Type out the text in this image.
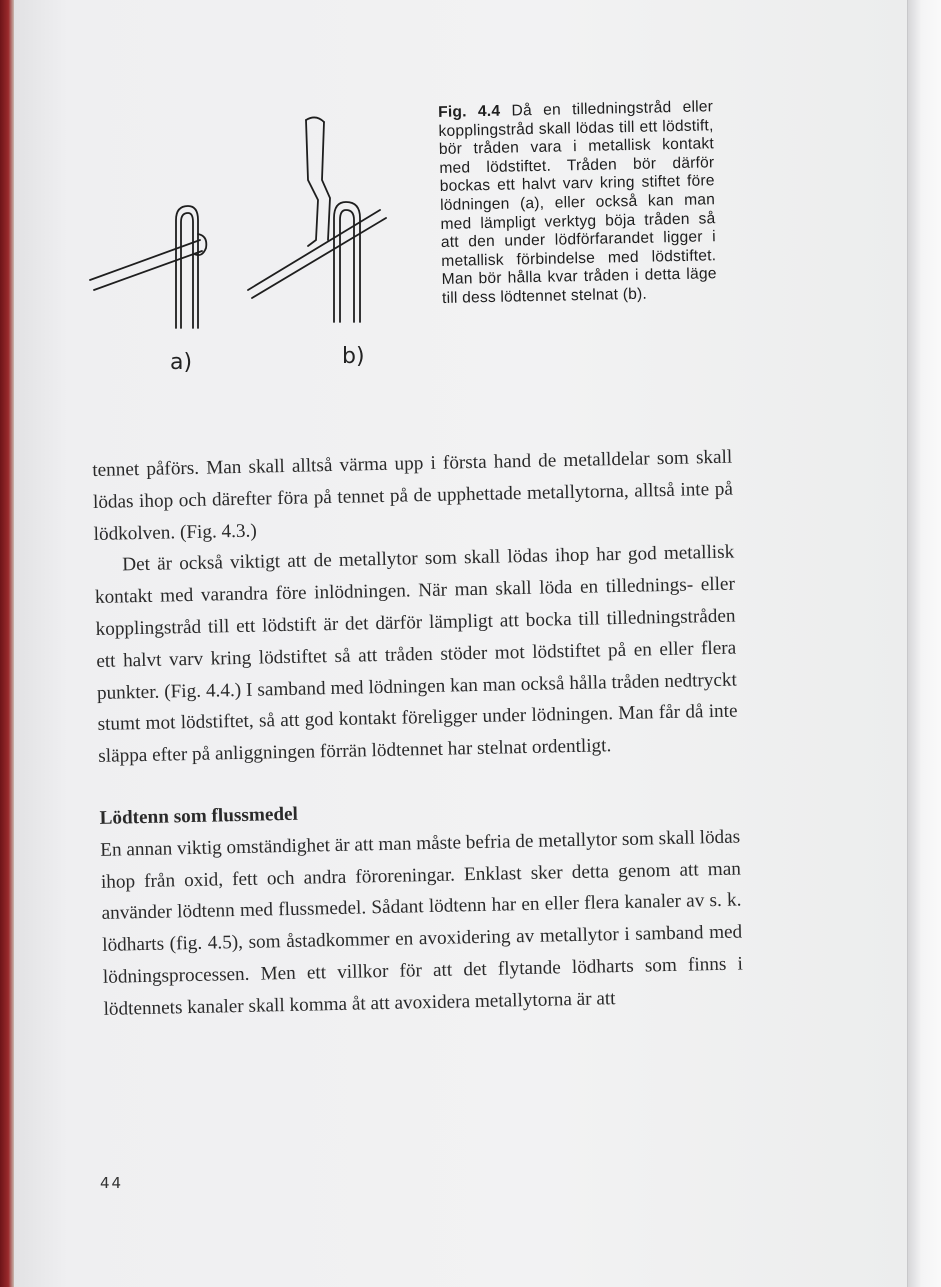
a)	b)
Fig. 4.4 Då en tilledningstråd eller kopplingstråd skall lödas till ett lödstift, bör tråden vara i metallisk kontakt med lödstiftet. Tråden bör därför bockas ett halvt varv kring stiftet före lödningen (a), eller också kan man med lämpligt verktyg böja tråden så att den under lödförfarandet ligger i metallisk förbindelse med lödstiftet. Man bör hålla kvar tråden i detta läge till dess lödtennet stelnat (b).

tennet påförs. Man skall alltså värma upp i första hand de metalldelar som skall lödas ihop och därefter föra på tennet på de upphettade metallytorna, alltså inte på lödkolven. (Fig. 4.3.)

Det är också viktigt att de metallytor som skall lödas ihop har god metallisk kontakt med varandra före inlödningen. När man skall löda en tillednings- eller kopplingstråd till ett lödstift är det därför lämpligt att bocka till tilledningstråden ett halvt varv kring lödstiftet så att tråden stöder mot lödstiftet på en eller flera punkter. (Fig. 4.4.) I samband med lödningen kan man också hålla tråden nedtryckt stumt mot lödstiftet, så att god kontakt föreligger under lödningen. Man får då inte släppa efter på anliggningen förrän lödtennet har stelnat ordentligt.

Lödtenn som flussmedel

En annan viktig omständighet är att man måste befria de metallytor som skall lödas ihop från oxid, fett och andra föroreningar. Enklast sker detta genom att man använder lödtenn med flussmedel. Sådant lödtenn har en eller flera kanaler av s. k. lödharts (fig. 4.5), som åstadkommer en avoxidering av metallytor i samband med lödningsprocessen. Men ett villkor för att det flytande lödharts som finns i lödtennets kanaler skall komma åt att avoxidera metallytorna är att

44
